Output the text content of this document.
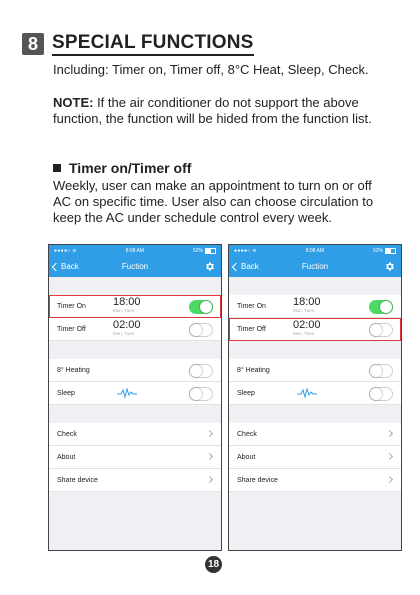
8 SPECIAL FUNCTIONS
Including: Timer on, Timer off, 8°C Heat, Sleep, Check.
NOTE: If the air conditioner do not support the above function, the function will be hided from the function list.
Timer on/Timer off
Weekly, user can make an appointment to turn on or off AC on specific time. User also can choose circulation to keep the AC under schedule control every week.
●●●●○ ≋	8:08 AM	52%
Fuction
Back
Timer On	18:00
Mon, Tues
Timer Off	02:00
Mon, Tues
8° Heating
Sleep
Check
About
Share device
●●●●○ ≋	8:08 AM	52%
Fuction
Back
Timer On	18:00
Mon, Tues
Timer Off	02:00
Mon, Tues
8° Heating
Sleep
Check
About
Share device
18
